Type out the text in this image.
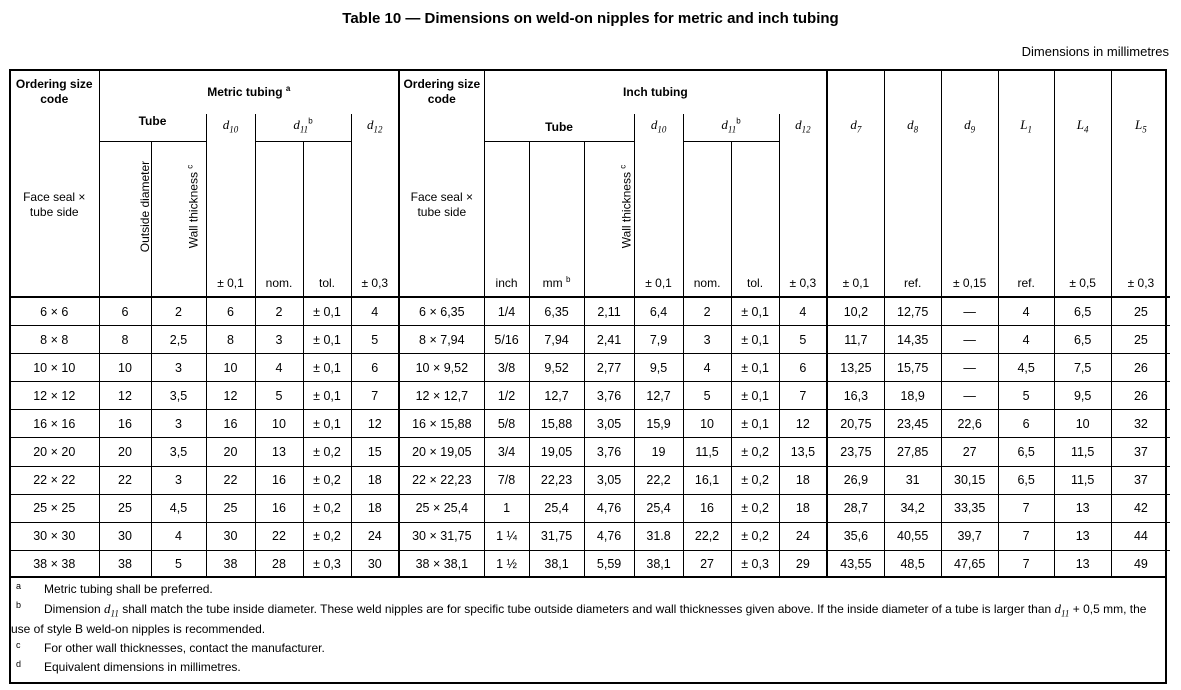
Table 10 — Dimensions on weld-on nipples for metric and inch tubing
Dimensions in millimetres
Ordering size code	Metric tubing $^a$						Ordering size code	Inch tubing												
Face seal × tube side	Tube		$d_{10}$	$d_{11}^b$		$d_{12}$	Face seal × tube side	Tube			$d_{10}$	$d_{11}^b$		$d_{12}$	$d_7$	$d_8$	$d_9$	$L_1$	$L_4$	$L_5$
	Outside diameter	Wall thickness $^c$								Wall thickness $^c$										
			± 0,1	nom.	tol.	± 0,3		inch	mm $^b$		± 0,1	nom.	tol.	± 0,3	± 0,1	ref.	± 0,15	ref.	± 0,5	± 0,3
6 × 6	6	2	6	2	± 0,1	4	6 × 6,35	1/4	6,35	2,11	6,4	2	± 0,1	4	10,2	12,75	—	4	6,5	25
8 × 8	8	2,5	8	3	± 0,1	5	8 × 7,94	5/16	7,94	2,41	7,9	3	± 0,1	5	11,7	14,35	—	4	6,5	25
10 × 10	10	3	10	4	± 0,1	6	10 × 9,52	3/8	9,52	2,77	9,5	4	± 0,1	6	13,25	15,75	—	4,5	7,5	26
12 × 12	12	3,5	12	5	± 0,1	7	12 × 12,7	1/2	12,7	3,76	12,7	5	± 0,1	7	16,3	18,9	—	5	9,5	26
16 × 16	16	3	16	10	± 0,1	12	16 × 15,88	5/8	15,88	3,05	15,9	10	± 0,1	12	20,75	23,45	22,6	6	10	32
20 × 20	20	3,5	20	13	± 0,2	15	20 × 19,05	3/4	19,05	3,76	19	11,5	± 0,2	13,5	23,75	27,85	27	6,5	11,5	37
22 × 22	22	3	22	16	± 0,2	18	22 × 22,23	7/8	22,23	3,05	22,2	16,1	± 0,2	18	26,9	31	30,15	6,5	11,5	37
25 × 25	25	4,5	25	16	± 0,2	18	25 × 25,4	1	25,4	4,76	25,4	16	± 0,2	18	28,7	34,2	33,35	7	13	42
30 × 30	30	4	30	22	± 0,2	24	30 × 31,75	1 ¼	31,75	4,76	31.8	22,2	± 0,2	24	35,6	40,55	39,7	7	13	44
38 × 38	38	5	38	28	± 0,3	30	38 × 38,1	1 ½	38,1	5,59	38,1	27	± 0,3	29	43,55	48,5	47,65	7	13	49
a Metric tubing shall be preferred.
b Dimension $d_{11}$ shall match the tube inside diameter. These weld nipples are for specific tube outside diameters and wall thicknesses given above. If the inside diameter of a tube is larger than $d_{11} + 0,5$ mm, the use of style B weld-on nipples is recommended.
c For other wall thicknesses, contact the manufacturer.
d Equivalent dimensions in millimetres.
